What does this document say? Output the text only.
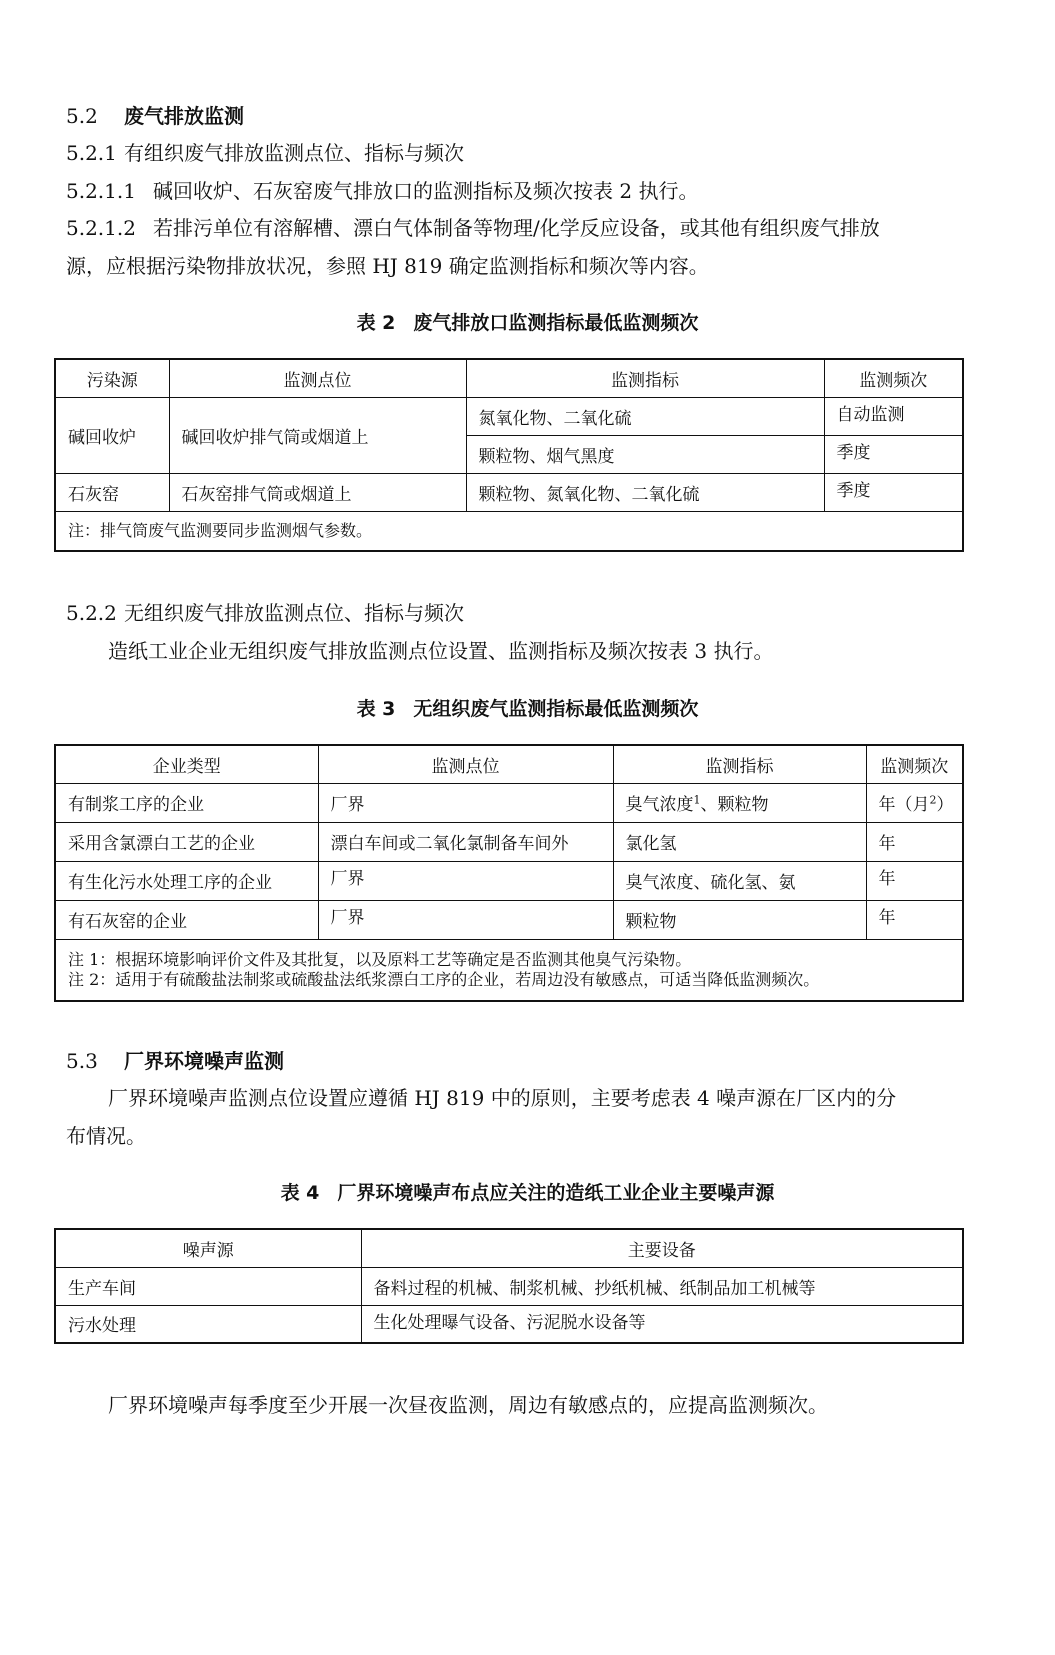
5.2 废气排放监测
5.2.1 有组织废气排放监测点位、指标与频次
5.2.1.1 碱回收炉、石灰窑废气排放口的监测指标及频次按表 2 执行。
5.2.1.2 若排污单位有溶解槽、漂白气体制备等物理/化学反应设备，或其他有组织废气排放
源，应根据污染物排放状况，参照 HJ 819 确定监测指标和频次等内容。
表 2 废气排放口监测指标最低监测频次
污染源	监测点位	监测指标	监测频次
碱回收炉	碱回收炉排气筒或烟道上	氮氧化物、二氧化硫	自动监测
		颗粒物、烟气黑度	季度
石灰窑	石灰窑排气筒或烟道上	颗粒物、氮氧化物、二氧化硫	季度
注：排气筒废气监测要同步监测烟气参数。			
5.2.2 无组织废气排放监测点位、指标与频次
造纸工业企业无组织废气排放监测点位设置、监测指标及频次按表 3 执行。
表 3 无组织废气监测指标最低监测频次
企业类型	监测点位	监测指标	监测频次
有制浆工序的企业	厂界	臭气浓度$^1$、颗粒物	年（月$^2$）
采用含氯漂白工艺的企业	漂白车间或二氧化氯制备车间外	氯化氢	年
有生化污水处理工序的企业	厂界	臭气浓度、硫化氢、氨	年
有石灰窑的企业	厂界	颗粒物	年

注 1：根据环境影响评价文件及其批复，以及原料工艺等确定是否监测其他臭气污染物。
注 2：适用于有硫酸盐法制浆或硫酸盐法纸浆漂白工序的企业，若周边没有敏感点，可适当降低监测频次。			
5.3 厂界环境噪声监测
厂界环境噪声监测点位设置应遵循 HJ 819 中的原则，主要考虑表 4 噪声源在厂区内的分
布情况。
表 4 厂界环境噪声布点应关注的造纸工业企业主要噪声源
噪声源	主要设备
生产车间	备料过程的机械、制浆机械、抄纸机械、纸制品加工机械等
污水处理	生化处理曝气设备、污泥脱水设备等
厂界环境噪声每季度至少开展一次昼夜监测，周边有敏感点的，应提高监测频次。
